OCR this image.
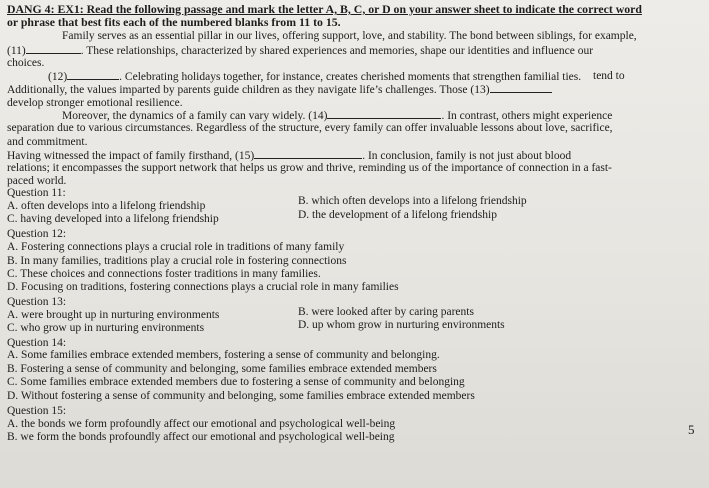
DANG 4: EX1: Read the following passage and mark the letter A, B, C, or D on your answer sheet to indicate the correct word
or phrase that best fits each of the numbered blanks from 11 to 15.
Family serves as an essential pillar in our lives, offering support, love, and stability. The bond between siblings, for example,
(11)	. These relationships, characterized by shared experiences and memories, shape our identities and influence our
choices.
(12)	. Celebrating holidays together, for instance, creates cherished moments that strengthen familial ties.
Additionally, the values imparted by parents guide children as they navigate life’s challenges. Those (13)
tend to
develop stronger emotional resilience.
Moreover, the dynamics of a family can vary widely. (14)	. In contrast, others might experience
separation due to various circumstances. Regardless of the structure, every family can offer invaluable lessons about love, sacrifice,
and commitment.
Having witnessed the impact of family firsthand, (15)	. In conclusion, family is not just about blood
relations; it encompasses the support network that helps us grow and thrive, reminding us of the importance of connection in a fast-
paced world.
Question 11:
A. often develops into a lifelong friendship	B. which often develops into a lifelong friendship
C. having developed into a lifelong friendship	D. the development of a lifelong friendship
Question 12:
A. Fostering connections plays a crucial role in traditions of many family
B. In many families, traditions play a crucial role in fostering connections
C. These choices and connections foster traditions in many families.
D. Focusing on traditions, fostering connections plays a crucial role in many families
Question 13:
A. were brought up in nurturing environments	B. were looked after by caring parents
C. who grow up in nurturing environments	D. up whom grow in nurturing environments
Question 14:
A. Some families embrace extended members, fostering a sense of community and belonging.
B. Fostering a sense of community and belonging, some families embrace extended members
C. Some families embrace extended members due to fostering a sense of community and belonging
D. Without fostering a sense of community and belonging, some families embrace extended members
Question 15:
A. the bonds we form profoundly affect our emotional and psychological well-being
B. we form the bonds profoundly affect our emotional and psychological well-being	5
